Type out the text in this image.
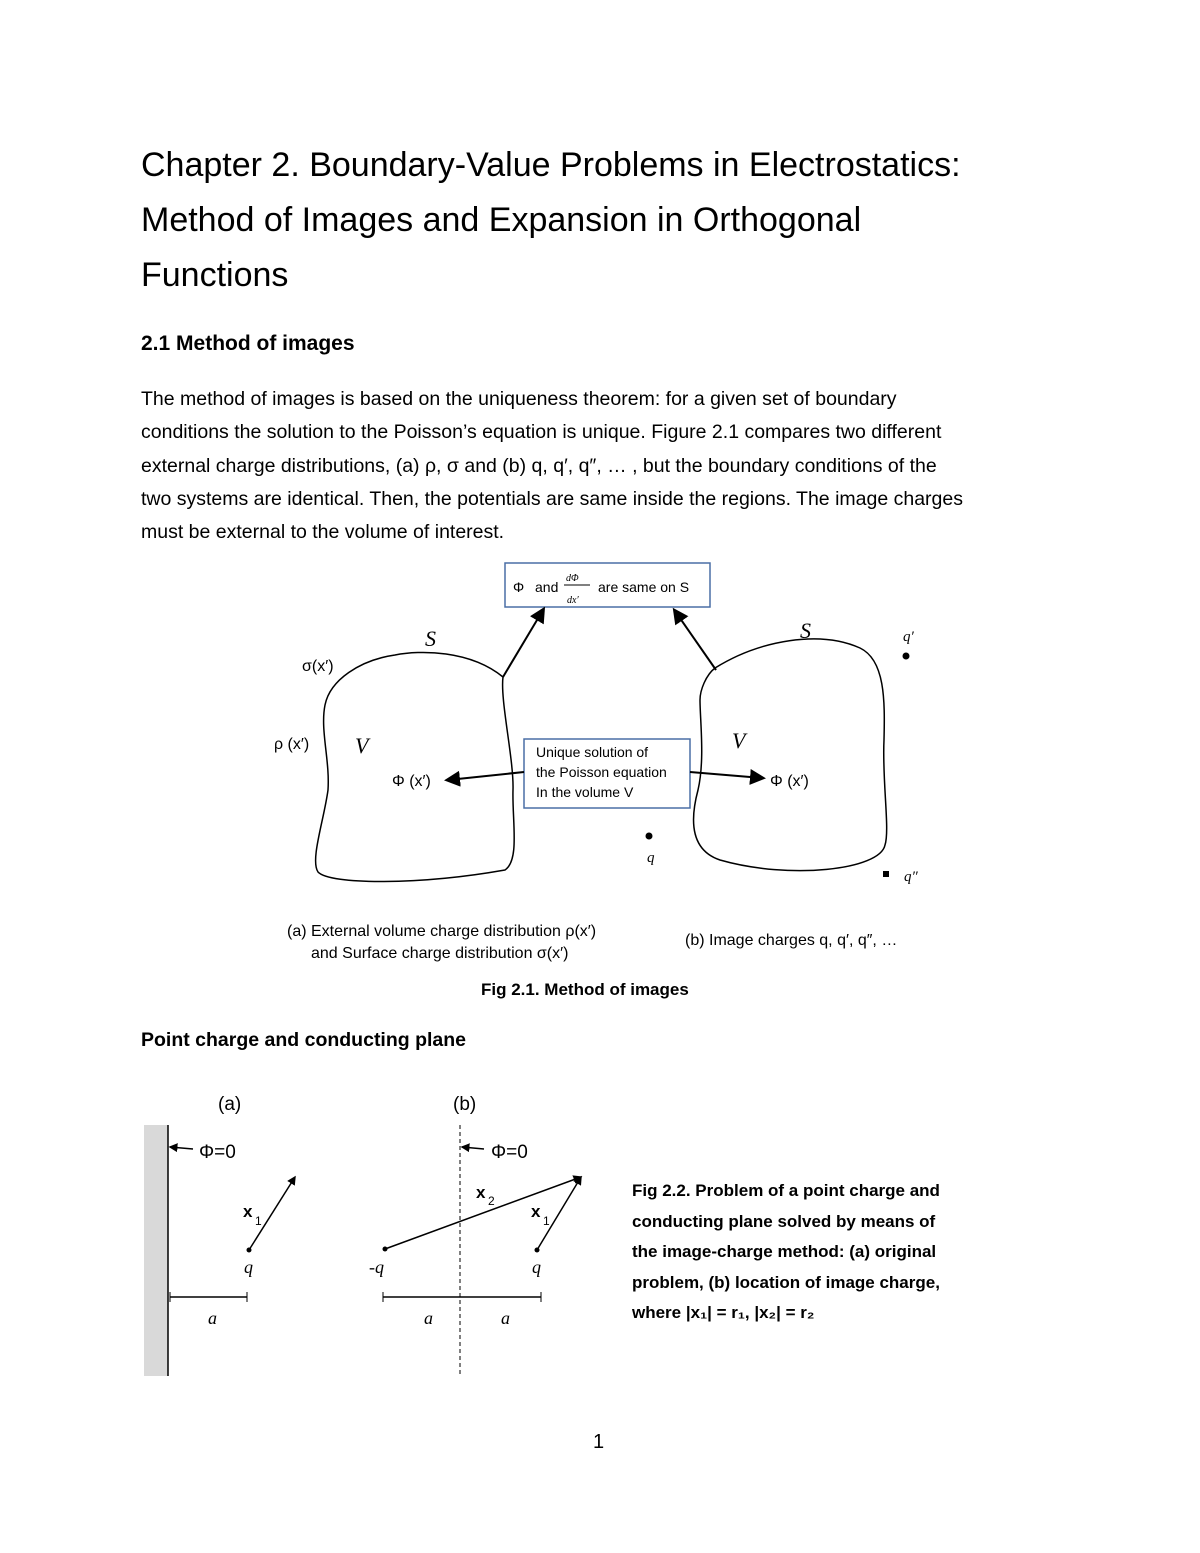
Chapter 2. Boundary-Value Problems in Electrostatics:
Method of Images and Expansion in Orthogonal
Functions
2.1 Method of images
The method of images is based on the uniqueness theorem: for a given set of boundary
conditions the solution to the Poisson’s equation is unique. Figure 2.1 compares two different
external charge distributions, (a) ρ, σ and (b) q, q′, q″, … , but the boundary conditions of the
two systems are identical. Then, the potentials are same inside the regions. The image charges
must be external to the volume of interest.
Φ and
dΦ
dx′
are same on S
Unique solution of
the Poisson equation
In the volume V
S	S
V	V
σ(x′)
ρ (x′)
Φ (x′)	Φ (x′)
q
q′
q″
(a) External volume charge distribution ρ(x′)
and Surface charge distribution σ(x′)
(b) Image charges q, q′, q″, …
Fig 2.1. Method of images
Point charge and conducting plane
(a)	(b)
Φ=0
x 1
q
a
Φ=0
x 2
x 1
-q	q
a	a
Fig 2.2. Problem of a point charge and
conducting plane solved by means of
the image-charge method: (a) original
problem, (b) location of image charge,
where |x₁| = r₁, |x₂| = r₂
1
